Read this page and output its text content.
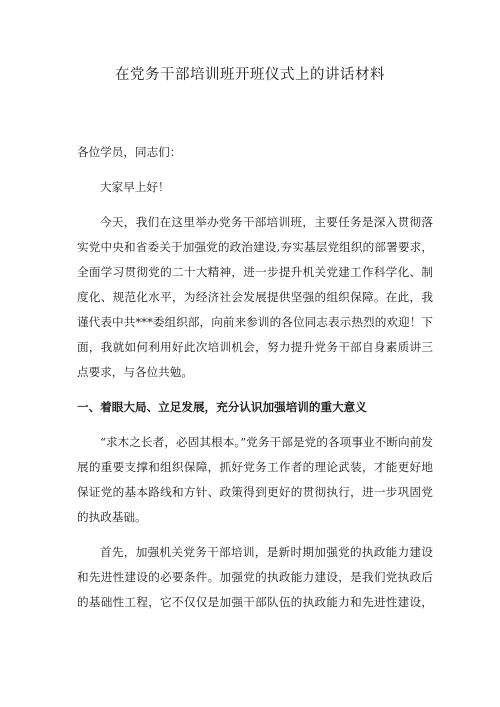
在党务干部培训班开班仪式上的讲话材料

各位学员，同志们：

大家早上好！

今天，我们在这里举办党务干部培训班，主要任务是深入贯彻落实党中央和省委关于加强党的政治建设,夯实基层党组织的部署要求，全面学习贯彻党的二十大精神，进一步提升机关党建工作科学化、制度化、规范化水平，为经济社会发展提供坚强的组织保障。在此，我谨代表中共***委组织部，向前来参训的各位同志表示热烈的欢迎！下面，我就如何利用好此次培训机会，努力提升党务干部自身素质讲三点要求，与各位共勉。

一、着眼大局、立足发展，充分认识加强培训的重大意义

“求木之长者，必固其根本。”党务干部是党的各项事业不断向前发展的重要支撑和组织保障，抓好党务工作者的理论武装，才能更好地保证党的基本路线和方针、政策得到更好的贯彻执行，进一步巩固党的执政基础。

首先，加强机关党务干部培训，是新时期加强党的执政能力建设和先进性建设的必要条件。加强党的执政能力建设，是我们党执政后的基础性工程，它不仅仅是加强干部队伍的执政能力和先进性建设，
